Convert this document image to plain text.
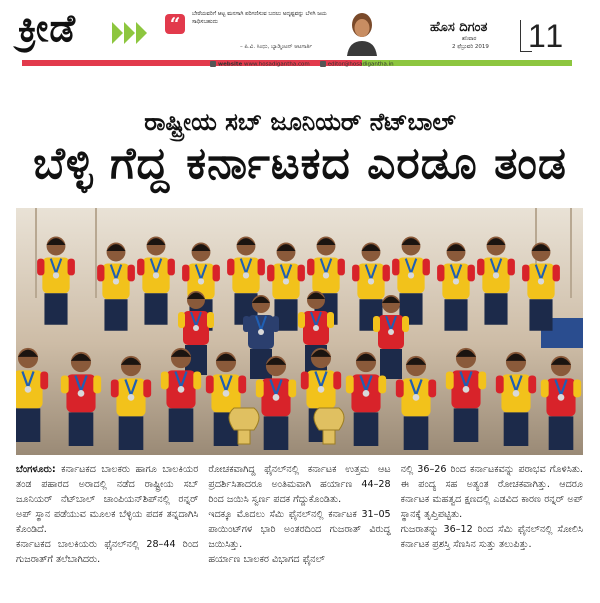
ಕ್ರೀಡೆ	“	ಬೇರೆಯವರಿಗೆ ಆಟ್ಟ ಮನಗಾಗಿ ಪರಿಗಣಿಸುವ ಬದಲು ಅದೃಷ್ಟವನ್ನು ಬೆಳಗಿ ಜಯ ಸಾಧಿಸಬಹುದು
– ಪಿ.ವಿ. ಸಿಂಧು, ಬ್ಯಾಡ್ಮಿಂಟನ್ ಆಟಗಾರ್ತಿ
ಹೊಸ ದಿಗಂತ
ಶನಿವಾರ
2 ಫೆಬ್ರುವರಿ 2019 11
website www.hosadigantha.com	editor@hosadigantha.in
ರಾಷ್ಟ್ರೀಯ ಸಬ್ ಜೂನಿಯರ್ ನೆಟ್‌ಬಾಲ್
ಬೆಳ್ಳಿ ಗೆದ್ದ ಕರ್ನಾಟಕದ ಎರಡೂ ತಂಡ

ಬೆಂಗಳೂರು: ಕರ್ನಾಟಕದ ಬಾಲಕರು ಹಾಗೂ ಬಾಲಕಿಯರ ತಂಡ ಪಹಾರದ ಅರಾದಲ್ಲಿ ನಡೆದ ರಾಷ್ಟ್ರೀಯ ಸಬ್ ಜೂನಿಯರ್ ನೆಟ್‌ಬಾಲ್ ಚಾಂಪಿಯನ್‌ಶಿಪ್‌ನಲ್ಲಿ ರನ್ನರ್ ಅಪ್ ಸ್ಥಾನ ಪಡೆಯುವ ಮೂಲಕ ಬೆಳ್ಳಿಯ ಪದಕ ತನ್ನದಾಗಿಸಿ ಕೊಂಡಿದೆ.

ಕರ್ನಾಟಕದ ಬಾಲಕಿಯರು ಫೈನಲ್‌ನಲ್ಲಿ 28–44 ರಿಂದ ಗುಜರಾತ್‌ಗೆ ತಲೆಬಾಗಿದರು.

ರೋಚಕವಾಗಿದ್ದ ಫೈನಲ್‌ನಲ್ಲಿ ಕರ್ನಾಟಕ ಉತ್ತಮ ಆಟ ಪ್ರದರ್ಶಿಸಿತಾದರೂ ಅಂತಿಮವಾಗಿ ಹರ್ಯಾಣ 44–28 ರಿಂದ ಜಯಿಸಿ ಸ್ವರ್ಣ ಪದಕ ಗೆದ್ದುಕೊಂಡಿತು.

ಇದಕ್ಕೂ ಮೊದಲು ಸೆಮಿ ಫೈನಲ್‌ನಲ್ಲಿ ಕರ್ನಾಟಕ 31–05 ಪಾಯಿಂಟ್‌ಗಳ ಭಾರಿ ಅಂತರದಿಂದ ಗುಜರಾತ್ ವಿರುದ್ಧ ಜಯಿಸಿತ್ತು.

ಹರ್ಯಾಣ ಬಾಲಕರ ವಿಭಾಗದ ಫೈನಲ್

ನಲ್ಲಿ 36–26 ರಿಂದ ಕರ್ನಾಟಕವನ್ನು ಪರಾಭವ ಗೊಳಿಸಿತು. ಈ ಪಂದ್ಯ ಸಹ ಅತ್ಯಂತ ರೋಚಕವಾಗಿತ್ತು. ಆದರೂ ಕರ್ನಾಟಕ ಮಹತ್ವದ ಕ್ಷಣದಲ್ಲಿ ಎಡವಿದ ಕಾರಣ ರನ್ನರ್ ಅಪ್ ಸ್ಥಾನಕ್ಕೆ ತೃಪ್ತಿಪಟ್ಟಿತು.

ಗುಜರಾತನ್ನು 36–12 ರಿಂದ ಸೆಮಿ ಫೈನಲ್‌ನಲ್ಲಿ ಸೋಲಿಸಿ ಕರ್ನಾಟಕ ಪ್ರಶಸ್ತಿ ಸೆಣಸಿನ ಸುತ್ತು ತಲುಪಿತ್ತು.
